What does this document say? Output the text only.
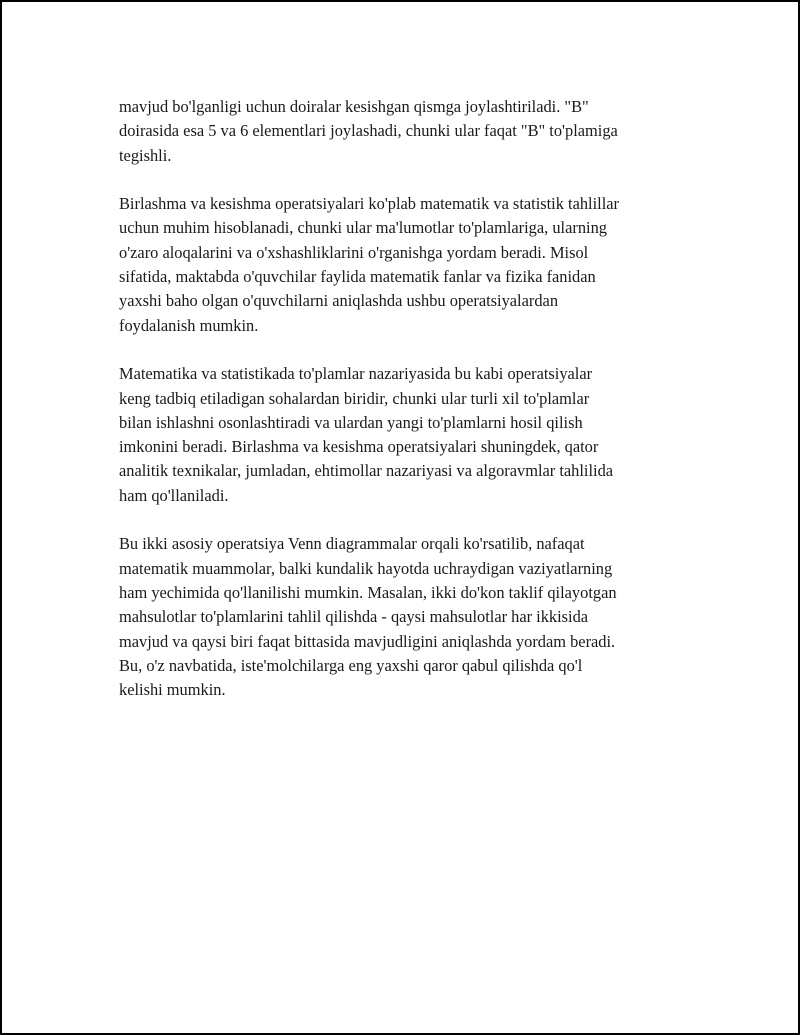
mavjud bo'lganligi uchun doiralar kesishgan qismga joylashtiriladi. "B"
doirasida esa 5 va 6 elementlari joylashadi, chunki ular faqat "B" to'plamiga
tegishli.

Birlashma va kesishma operatsiyalari ko'plab matematik va statistik tahlillar
uchun muhim hisoblanadi, chunki ular ma'lumotlar to'plamlariga, ularning
o'zaro aloqalarini va o'xshashliklarini o'rganishga yordam beradi. Misol
sifatida, maktabda o'quvchilar faylida matematik fanlar va fizika fanidan
yaxshi baho olgan o'quvchilarni aniqlashda ushbu operatsiyalardan
foydalanish mumkin.

Matematika va statistikada to'plamlar nazariyasida bu kabi operatsiyalar
keng tadbiq etiladigan sohalardan biridir, chunki ular turli xil to'plamlar
bilan ishlashni osonlashtiradi va ulardan yangi to'plamlarni hosil qilish
imkonini beradi. Birlashma va kesishma operatsiyalari shuningdek, qator
analitik texnikalar, jumladan, ehtimollar nazariyasi va algoravmlar tahlilida
ham qo'llaniladi.

Bu ikki asosiy operatsiya Venn diagrammalar orqali ko'rsatilib, nafaqat
matematik muammolar, balki kundalik hayotda uchraydigan vaziyatlarning
ham yechimida qo'llanilishi mumkin. Masalan, ikki do'kon taklif qilayotgan
mahsulotlar to'plamlarini tahlil qilishda - qaysi mahsulotlar har ikkisida
mavjud va qaysi biri faqat bittasida mavjudligini aniqlashda yordam beradi.
Bu, o'z navbatida, iste'molchilarga eng yaxshi qaror qabul qilishda qo'l
kelishi mumkin.
